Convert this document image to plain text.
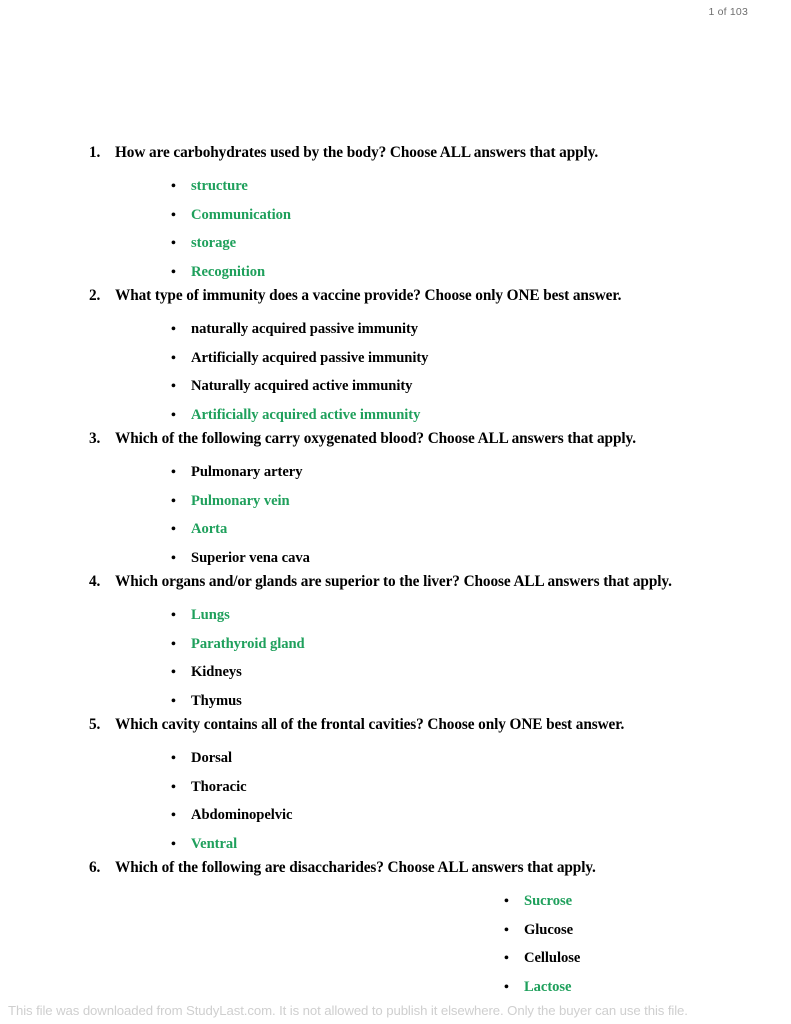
1 of 103
1. How are carbohydrates used by the body? Choose ALL answers that apply.
•	structure
•	Communication
•	storage
•	Recognition
2. What type of immunity does a vaccine provide? Choose only ONE best answer.
•	naturally acquired passive immunity
•	Artificially acquired passive immunity
•	Naturally acquired active immunity
•	Artificially acquired active immunity
3. Which of the following carry oxygenated blood? Choose ALL answers that apply.
•	Pulmonary artery
•	Pulmonary vein
•	Aorta
•	Superior vena cava
4. Which organs and/or glands are superior to the liver? Choose ALL answers that apply.
•	Lungs
•	Parathyroid gland
•	Kidneys
•	Thymus
5. Which cavity contains all of the frontal cavities? Choose only ONE best answer.
•	Dorsal
•	Thoracic
•	Abdominopelvic
•	Ventral
6. Which of the following are disaccharides? Choose ALL answers that apply.
•	Sucrose
•	Glucose
•	Cellulose
•	Lactose
This file was downloaded from StudyLast.com. It is not allowed to publish it elsewhere. Only the buyer can use this file.
